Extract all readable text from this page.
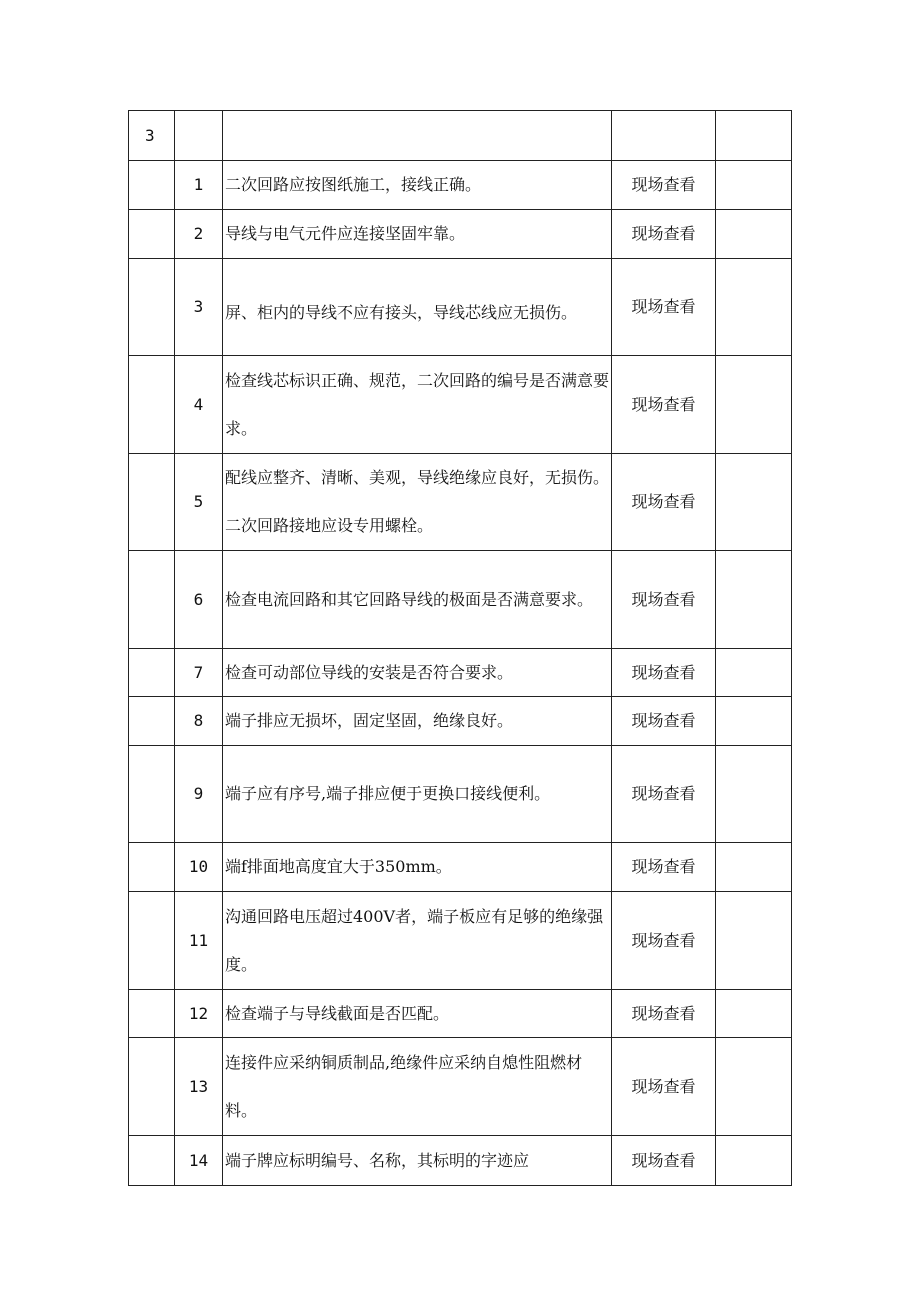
3				
	1	二次回路应按图纸施工，接线正确。	现场查看	
	2	导线与电气元件应连接坚固牢靠。	现场查看	
	3	屏、柜内的导线不应有接头，导线芯线应无损伤。	现场查看	
	4	检查线芯标识正确、规范，二次回路的编号是否满意要求。	现场查看	
	5	配线应整齐、清晰、美观，导线绝缘应良好，无损伤。二次回路接地应设专用螺栓。	现场查看	
	6	检查电流回路和其它回路导线的极面是否满意要求。	现场查看	
	7	检查可动部位导线的安装是否符合要求。	现场查看	
	8	端子排应无损坏，固定坚固，绝缘良好。	现场查看	
	9	端子应有序号,端子排应便于更换口接线便利。	现场查看	
	10	端f排面地高度宜大于350mm。	现场查看	
	11	沟通回路电压超过400V者，端子板应有足够的绝缘强度。	现场查看	
	12	检查端子与导线截面是否匹配。	现场查看	
	13	连接件应采纳铜质制品,绝缘件应采纳自熄性阻燃材料。	现场查看	
	14	端子牌应标明编号、名称，其标明的字迹应	现场查看	
